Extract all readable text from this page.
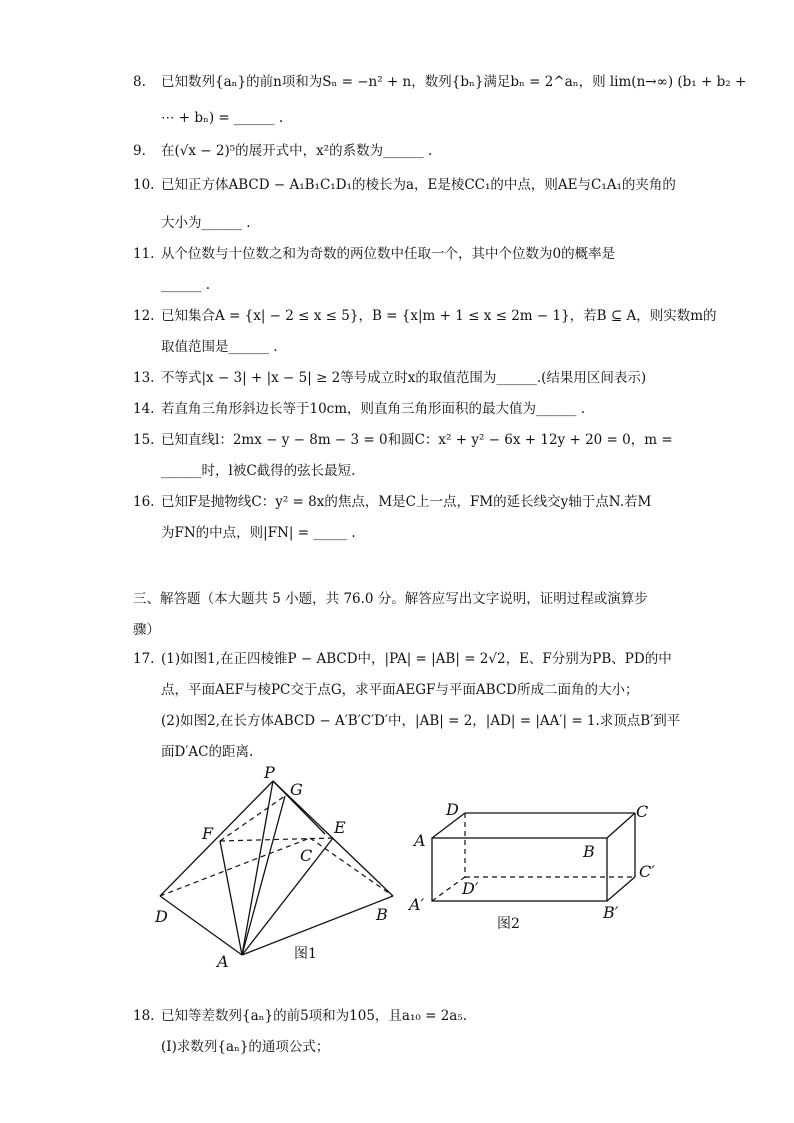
8. 已知数列{aₙ}的前n项和为Sₙ = −n² + n，数列{bₙ}满足bₙ = 2^aₙ，则 lim(n→∞) (b₁ + b₂ +
⋯ + bₙ) = ______ .
9. 在(√x − 2)⁵的展开式中，x²的系数为______ .
10. 已知正方体ABCD − A₁B₁C₁D₁的棱长为a，E是棱CC₁的中点，则AE与C₁A₁的夹角的
大小为______ .
11. 从个位数与十位数之和为奇数的两位数中任取一个，其中个位数为0的概率是
______ .
12. 已知集合A = {x| − 2 ≤ x ≤ 5}，B = {x|m + 1 ≤ x ≤ 2m − 1}，若B ⊆ A，则实数m的
取值范围是______ .
13. 不等式|x − 3| + |x − 5| ≥ 2等号成立时x的取值范围为______.(结果用区间表示)
14. 若直角三角形斜边长等于10cm，则直角三角形面积的最大值为______ .
15. 已知直线l：2mx − y − 8m − 3 = 0和圆C：x² + y² − 6x + 12y + 20 = 0，m =
______时，l被C截得的弦长最短.
16. 已知F是抛物线C：y² = 8x的焦点，M是C上一点，FM的延长线交y轴于点N.若M
为FN的中点，则|FN| = _____ .
三、解答题（本大题共 5 小题，共 76.0 分。解答应写出文字说明，证明过程或演算步
骤）
17. (1)如图1,在正四棱锥P − ABCD中，|PA| = |AB| = 2√2，E、F分别为PB、PD的中
点，平面AEF与棱PC交于点G，求平面AEGF与平面ABCD所成二面角的大小；
(2)如图2,在长方体ABCD − A′B′C′D′中，|AB| = 2，|AD| = |AA′| = 1.求顶点B′到平
面D′AC的距离.
P
G
F	E
C
D	B
A	图1
D	C
A
B
C′
D′
A′	B′
图2
18. 已知等差数列{aₙ}的前5项和为105，且a₁₀ = 2a₅.
(Ⅰ)求数列{aₙ}的通项公式；
